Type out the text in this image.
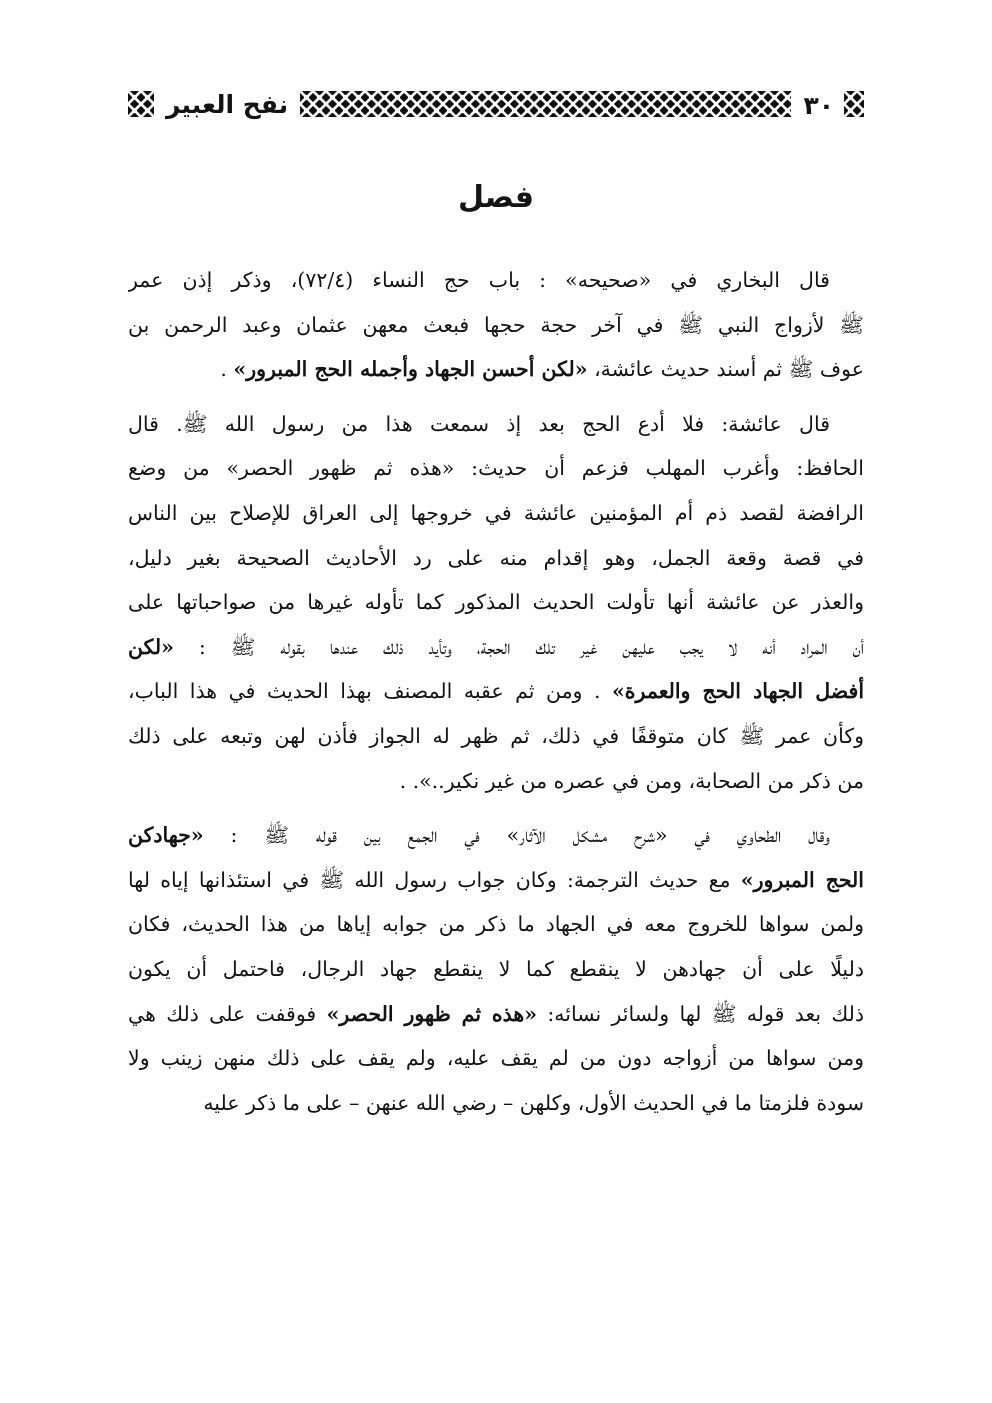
٣٠
نفح العبير
فصل
قال البخاري في «صحيحه» : باب حج النساء (٧٢/٤)، وذكر إذن عمر
ﷺ لأزواج النبي ﷺ في آخر حجة حجها فبعث معهن عثمان وعبد الرحمن بن
عوف ﷺ ثم أسند حديث عائشة، «لكن أحسن الجهاد وأجمله الحج المبرور» .
قال عائشة: فلا أدع الحج بعد إذ سمعت هذا من رسول الله ﷺ. قال
الحافظ: وأغرب المهلب فزعم أن حديث: «هذه ثم ظهور الحصر» من وضع
الرافضة لقصد ذم أم المؤمنين عائشة في خروجها إلى العراق للإصلاح بين الناس
في قصة وقعة الجمل، وهو إقدام منه على رد الأحاديث الصحيحة بغير دليل،
والعذر عن عائشة أنها تأولت الحديث المذكور كما تأوله غيرها من صواحباتها على
أن المراد أنه لا يجب عليهن غير تلك الحجة، وتأيد ذلك عندها بقوله ﷺ : «لكن
أفضل الجهاد الحج والعمرة» . ومن ثم عقبه المصنف بهذا الحديث في هذا الباب،
وكأن عمر ﷺ كان متوقفًا في ذلك، ثم ظهر له الجواز فأذن لهن وتبعه على ذلك
من ذكر من الصحابة، ومن في عصره من غير نكير..». .
وقال الطحاوي في «شرح مشكل الآثار» في الجمع بين قوله ﷺ : «جهادكن
الحج المبرور» مع حديث الترجمة: وكان جواب رسول الله ﷺ في استئذانها إياه لها
ولمن سواها للخروج معه في الجهاد ما ذكر من جوابه إياها من هذا الحديث، فكان
دليلًا على أن جهادهن لا ينقطع كما لا ينقطع جهاد الرجال، فاحتمل أن يكون
ذلك بعد قوله ﷺ لها ولسائر نسائه: «هذه ثم ظهور الحصر» فوقفت على ذلك هي
ومن سواها من أزواجه دون من لم يقف عليه، ولم يقف على ذلك منهن زينب ولا
سودة فلزمتا ما في الحديث الأول، وكلهن – رضي الله عنهن – على ما ذكر عليه
